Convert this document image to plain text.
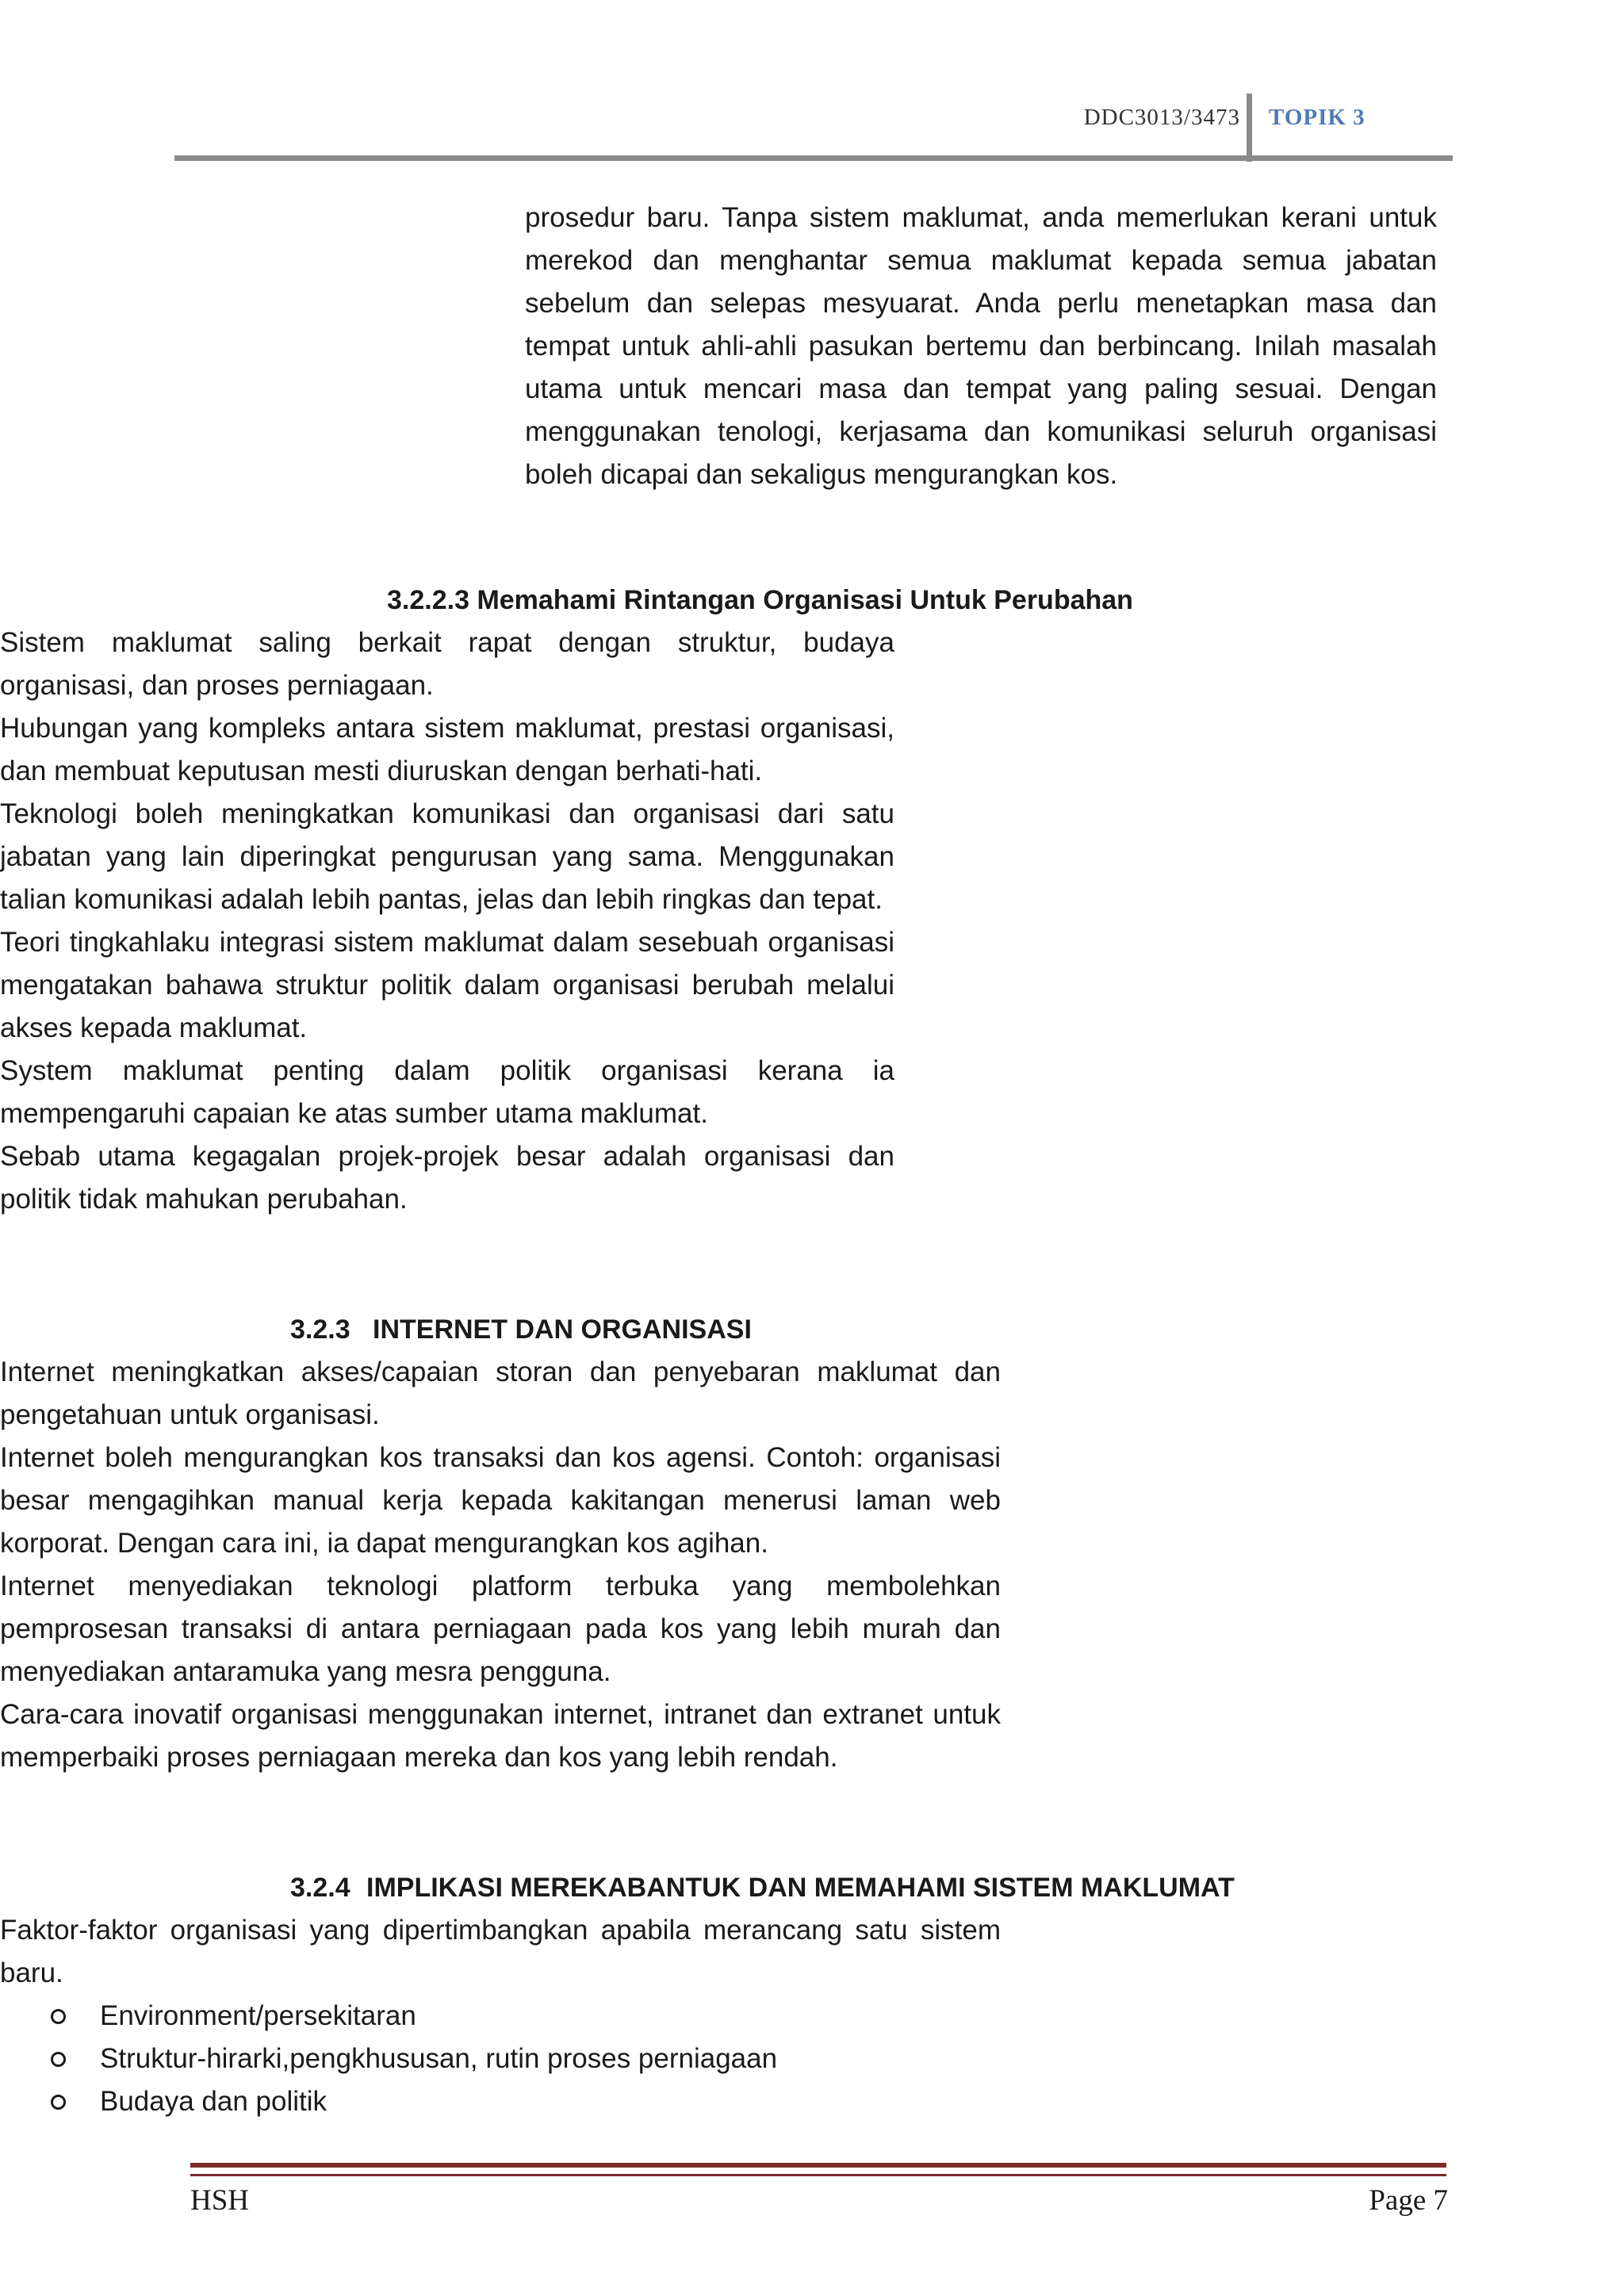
DDC3013/3473 TOPIK 3

prosedur baru. Tanpa sistem maklumat, anda memerlukan kerani untuk merekod dan menghantar semua maklumat kepada semua jabatan sebelum dan selepas mesyuarat. Anda perlu menetapkan masa dan tempat untuk ahli-ahli pasukan bertemu dan berbincang. Inilah masalah utama untuk mencari masa dan tempat yang paling sesuai. Dengan menggunakan tenologi, kerjasama dan komunikasi seluruh organisasi boleh dicapai dan sekaligus mengurangkan kos.

3.2.2.3 Memahami Rintangan Organisasi Untuk Perubahan

Sistem maklumat saling berkait rapat dengan struktur, budaya organisasi, dan proses perniagaan.
Hubungan yang kompleks antara sistem maklumat, prestasi organisasi, dan membuat keputusan mesti diuruskan dengan berhati-hati.
Teknologi boleh meningkatkan komunikasi dan organisasi dari satu jabatan yang lain diperingkat pengurusan yang sama. Menggunakan talian komunikasi adalah lebih pantas, jelas dan lebih ringkas dan tepat.
Teori tingkahlaku integrasi sistem maklumat dalam sesebuah organisasi mengatakan bahawa struktur politik dalam organisasi berubah melalui akses kepada maklumat.
System maklumat penting dalam politik organisasi kerana ia mempengaruhi capaian ke atas sumber utama maklumat.
Sebab utama kegagalan projek-projek besar adalah organisasi dan politik tidak mahukan perubahan.

3.2.3 INTERNET DAN ORGANISASI

Internet meningkatkan akses/capaian storan dan penyebaran maklumat dan pengetahuan untuk organisasi.
Internet boleh mengurangkan kos transaksi dan kos agensi. Contoh: organisasi besar mengagihkan manual kerja kepada kakitangan menerusi laman web korporat. Dengan cara ini, ia dapat mengurangkan kos agihan.
Internet menyediakan teknologi platform terbuka yang membolehkan pemprosesan transaksi di antara perniagaan pada kos yang lebih murah dan menyediakan antaramuka yang mesra pengguna.
Cara-cara inovatif organisasi menggunakan internet, intranet dan extranet untuk memperbaiki proses perniagaan mereka dan kos yang lebih rendah.

3.2.4 IMPLIKASI MEREKABANTUK DAN MEMAHAMI SISTEM MAKLUMAT

Faktor-faktor organisasi yang dipertimbangkan apabila merancang satu sistem baru.
Environment/persekitaran
Struktur-hirarki,pengkhususan, rutin proses perniagaan
Budaya dan politik
HSH	Page 7
